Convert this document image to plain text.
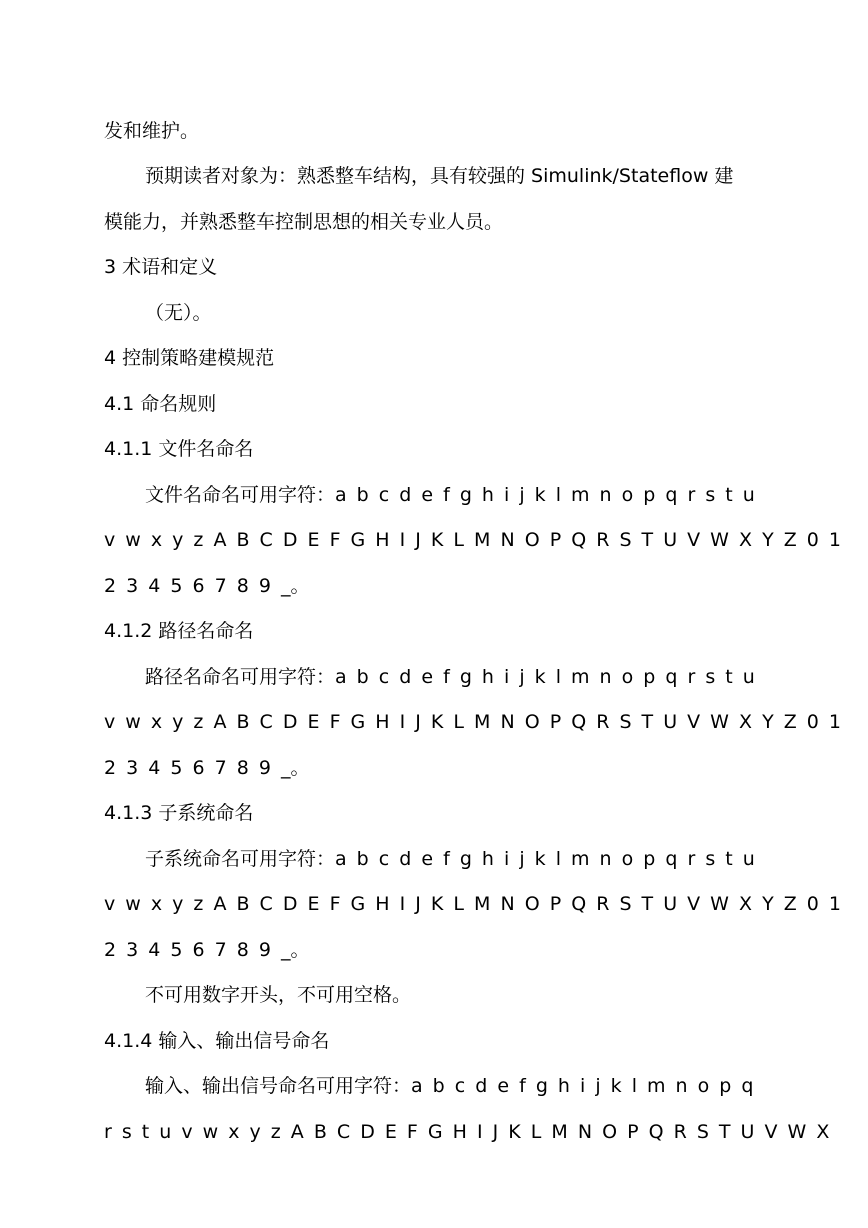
发和维护。
预期读者对象为：熟悉整车结构，具有较强的 Simulink/Stateflow 建
模能力，并熟悉整车控制思想的相关专业人员。
3 术语和定义
（无）。
4 控制策略建模规范
4.1 命名规则
4.1.1 文件名命名
文件名命名可用字符：a b c d e f g h i j k l m n o p q r s t u
v w x y z A B C D E F G H I J K L M N O P Q R S T U V W X Y Z 0 1
2 3 4 5 6 7 8 9 _。
4.1.2 路径名命名
路径名命名可用字符：a b c d e f g h i j k l m n o p q r s t u
v w x y z A B C D E F G H I J K L M N O P Q R S T U V W X Y Z 0 1
2 3 4 5 6 7 8 9 _。
4.1.3 子系统命名
子系统命名可用字符：a b c d e f g h i j k l m n o p q r s t u
v w x y z A B C D E F G H I J K L M N O P Q R S T U V W X Y Z 0 1
2 3 4 5 6 7 8 9 _。
不可用数字开头，不可用空格。
4.1.4 输入、输出信号命名
输入、输出信号命名可用字符：a b c d e f g h i j k l m n o p q
r s t u v w x y z A B C D E F G H I J K L M N O P Q R S T U V W X
